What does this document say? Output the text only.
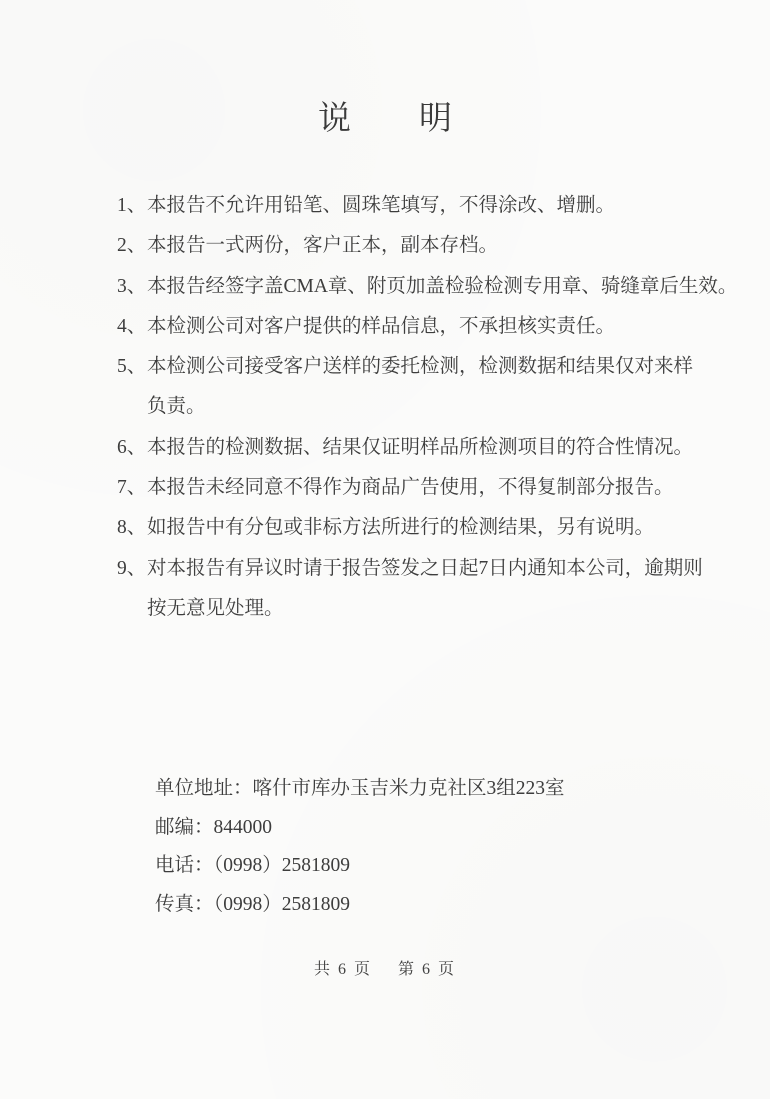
说明
1、 本报告不允许用铅笔、圆珠笔填写，不得涂改、增删。
2、 本报告一式两份，客户正本，副本存档。
3、 本报告经签字盖CMA章、附页加盖检验检测专用章、骑缝章后生效。
4、 本检测公司对客户提供的样品信息，不承担核实责任。
5、 本检测公司接受客户送样的委托检测，检测数据和结果仅对来样
负责。
6、 本报告的检测数据、结果仅证明样品所检测项目的符合性情况。
7、 本报告未经同意不得作为商品广告使用，不得复制部分报告。
8、 如报告中有分包或非标方法所进行的检测结果，另有说明。
9、 对本报告有异议时请于报告签发之日起7日内通知本公司，逾期则
按无意见处理。
单位地址：喀什市库办玉吉米力克社区3组223室
邮编：844000
电话：（0998）2581809
传真：（0998）2581809
共 6 页 第 6 页
